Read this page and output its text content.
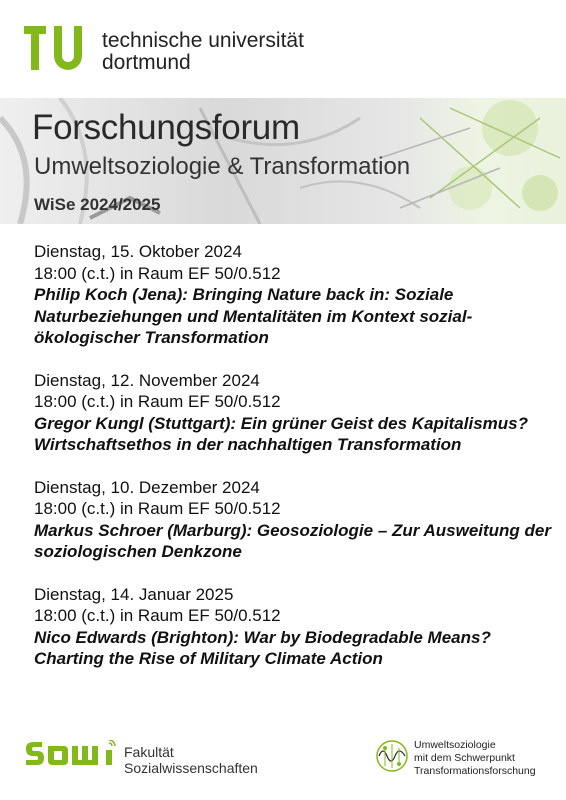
technische universität
dortmund
Forschungsforum
Umweltsoziologie & Transformation
WiSe 2024/2025
Dienstag, 15. Oktober 2024
18:00 (c.t.) in Raum EF 50/0.512
Philip Koch (Jena): Bringing Nature back in: Soziale Naturbeziehungen und Mentalitäten im Kontext sozial-ökologischer Transformation
Dienstag, 12. November 2024
18:00 (c.t.) in Raum EF 50/0.512
Gregor Kungl (Stuttgart): Ein grüner Geist des Kapitalismus? Wirtschaftsethos in der nachhaltigen Transformation
Dienstag, 10. Dezember 2024
18:00 (c.t.) in Raum EF 50/0.512
Markus Schroer (Marburg): Geosoziologie – Zur Ausweitung der soziologischen Denkzone
Dienstag, 14. Januar 2025
18:00 (c.t.) in Raum EF 50/0.512
Nico Edwards (Brighton): War by Biodegradable Means? Charting the Rise of Military Climate Action
Fakultät
Sozialwissenschaften
Umweltsoziologie
mit dem Schwerpunkt
Transformationsforschung
